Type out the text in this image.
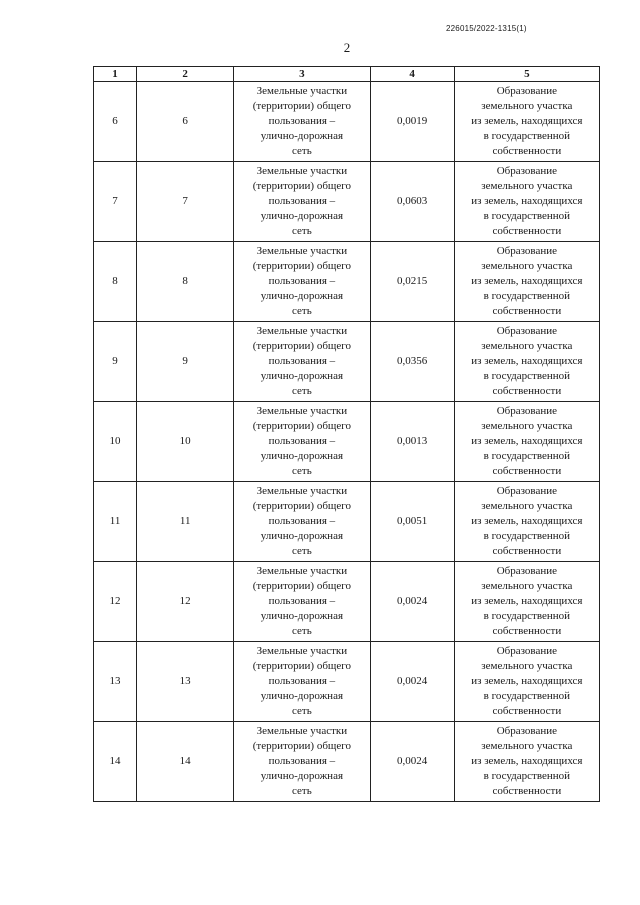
226015/2022-1315(1)
2
1	2	3	4	5

6	6	Земельные участки
(территории) общего
пользования –
улично-дорожная
сеть	0,0019	Образование
земельного участка
из земель, находящихся
в государственной
собственности

7	7	Земельные участки
(территории) общего
пользования –
улично-дорожная
сеть	0,0603	Образование
земельного участка
из земель, находящихся
в государственной
собственности

8	8	Земельные участки
(территории) общего
пользования –
улично-дорожная
сеть	0,0215	Образование
земельного участка
из земель, находящихся
в государственной
собственности

9	9	Земельные участки
(территории) общего
пользования –
улично-дорожная
сеть	0,0356	Образование
земельного участка
из земель, находящихся
в государственной
собственности

10	10	Земельные участки
(территории) общего
пользования –
улично-дорожная
сеть	0,0013	Образование
земельного участка
из земель, находящихся
в государственной
собственности

11	11	Земельные участки
(территории) общего
пользования –
улично-дорожная
сеть	0,0051	Образование
земельного участка
из земель, находящихся
в государственной
собственности

12	12	Земельные участки
(территории) общего
пользования –
улично-дорожная
сеть	0,0024	Образование
земельного участка
из земель, находящихся
в государственной
собственности

13	13	Земельные участки
(территории) общего
пользования –
улично-дорожная
сеть	0,0024	Образование
земельного участка
из земель, находящихся
в государственной
собственности

14	14	Земельные участки
(территории) общего
пользования –
улично-дорожная
сеть	0,0024	Образование
земельного участка
из земель, находящихся
в государственной
собственности
